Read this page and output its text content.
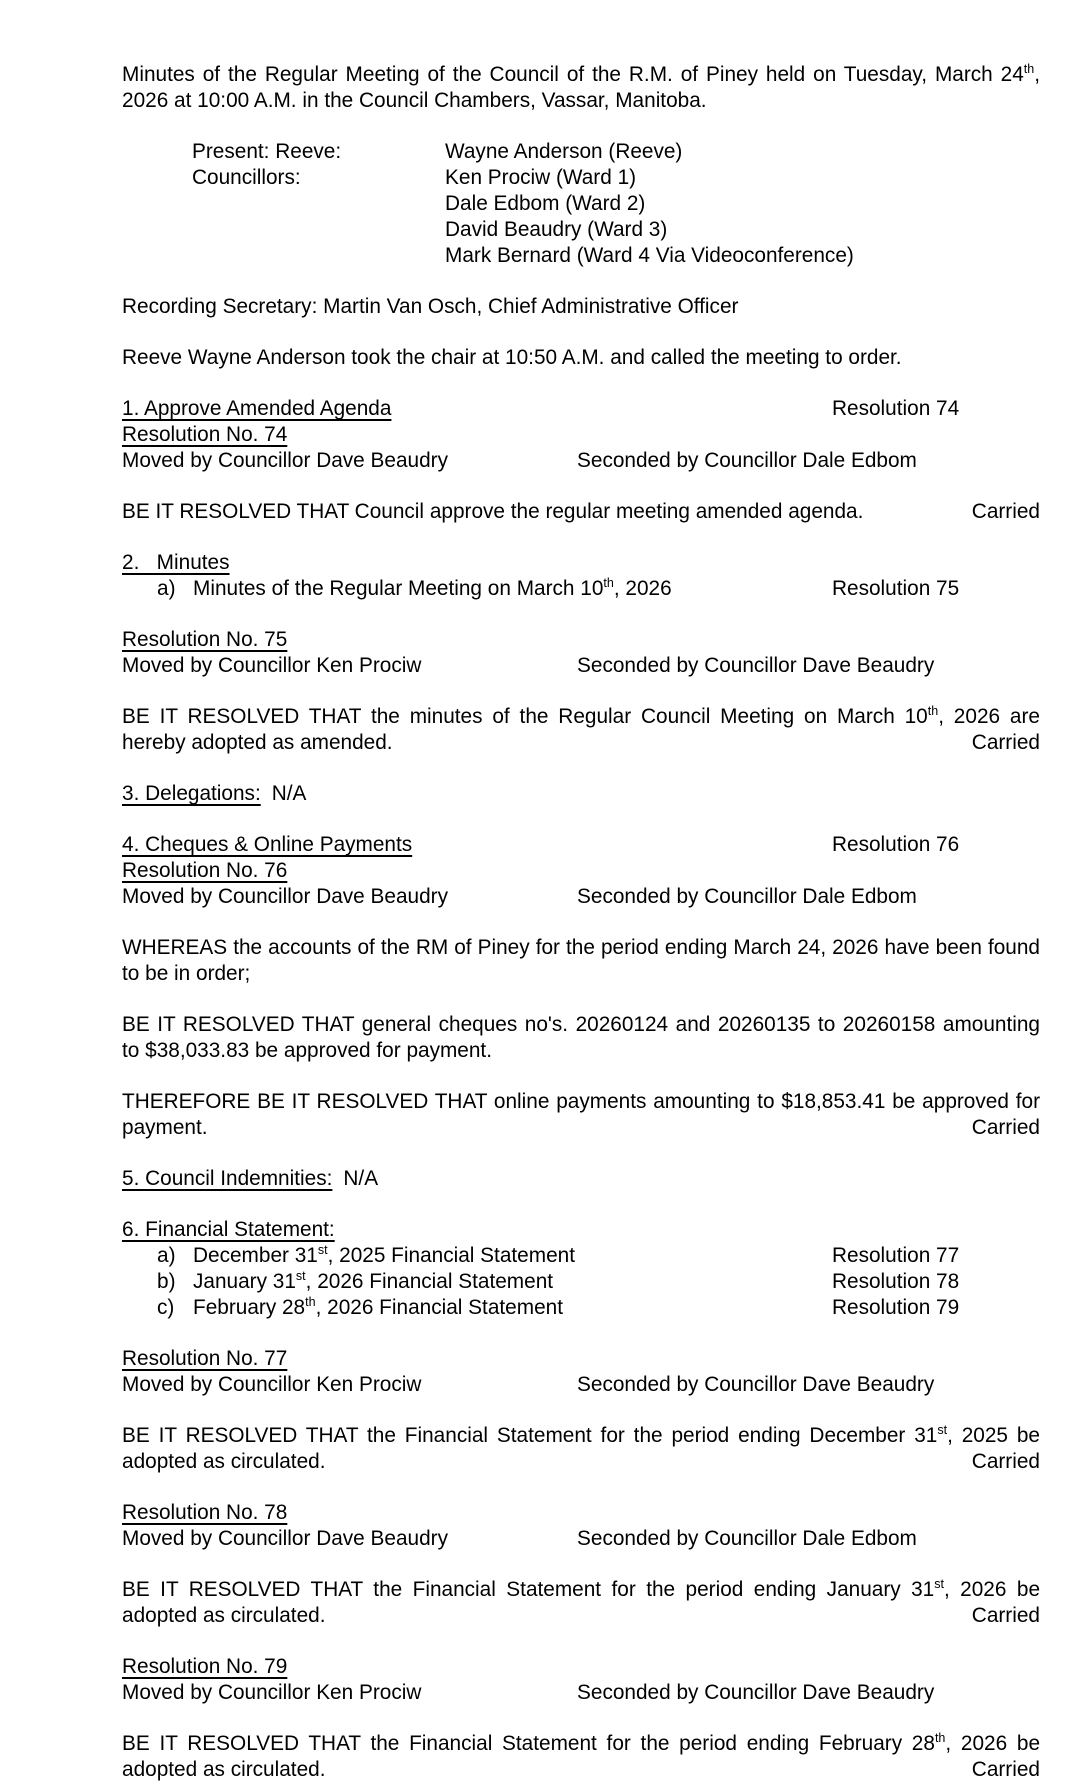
Minutes of the Regular Meeting of the Council of the R.M. of Piney held on Tuesday, March 24th, 2026 at 10:00 A.M. in the Council Chambers, Vassar, Manitoba.

Present: Reeve:	Wayne Anderson (Reeve)
Councillors:	Ken Prociw (Ward 1)
Dale Edbom (Ward 2)
David Beaudry (Ward 3)
Mark Bernard (Ward 4 Via Videoconference)
Recording Secretary: Martin Van Osch, Chief Administrative Officer
Reeve Wayne Anderson took the chair at 10:50 A.M. and called the meeting to order.
1. Approve Amended Agenda	Resolution 74
Resolution No. 74
Moved by Councillor Dave Beaudry	Seconded by Councillor Dale Edbom

BE IT RESOLVED THAT Council approve the regular meeting amended agenda.	Carried

2.   Minutes
a) Minutes of the Regular Meeting on March 10th, 2026	Resolution 75
Resolution No. 75
Moved by Councillor Ken Prociw	Seconded by Councillor Dave Beaudry

BE IT RESOLVED THAT the minutes of the Regular Council Meeting on March 10th, 2026 are hereby adopted as amended.	Carried

3. Delegations: N/A
4. Cheques & Online Payments	Resolution 76
Resolution No. 76
Moved by Councillor Dave Beaudry	Seconded by Councillor Dale Edbom

WHEREAS the accounts of the RM of Piney for the period ending March 24, 2026 have been found to be in order;

BE IT RESOLVED THAT general cheques no's. 20260124 and 20260135 to 20260158 amounting to $38,033.83 be approved for payment.

THEREFORE BE IT RESOLVED THAT online payments amounting to $18,853.41 be approved for payment.	Carried

5. Council Indemnities: N/A
6. Financial Statement:
a) December 31st, 2025 Financial Statement	Resolution 77
b) January 31st, 2026 Financial Statement	Resolution 78
c) February 28th, 2026 Financial Statement	Resolution 79
Resolution No. 77
Moved by Councillor Ken Prociw	Seconded by Councillor Dave Beaudry

BE IT RESOLVED THAT the Financial Statement for the period ending December 31st, 2025 be adopted as circulated.	Carried

Resolution No. 78
Moved by Councillor Dave Beaudry	Seconded by Councillor Dale Edbom

BE IT RESOLVED THAT the Financial Statement for the period ending January 31st, 2026 be adopted as circulated.	Carried

Resolution No. 79
Moved by Councillor Ken Prociw	Seconded by Councillor Dave Beaudry

BE IT RESOLVED THAT the Financial Statement for the period ending February 28th, 2026 be adopted as circulated.	Carried
